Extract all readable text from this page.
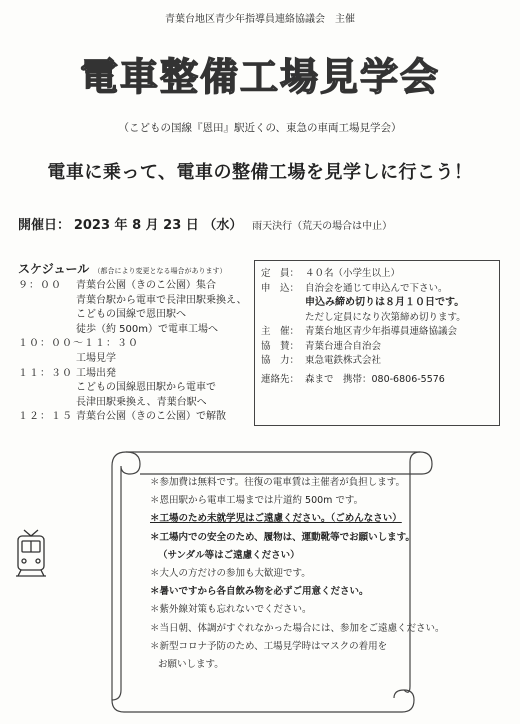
青葉台地区青少年指導員連絡協議会　主催
電車整備工場見学会
（こどもの国線『恩田』駅近くの、東急の車両工場見学会）
電車に乗って、電車の整備工場を見学しに行こう！
開催日： 2023 年 8 月 23 日 （水） 雨天決行（荒天の場合は中止）
スケジュール （都合により変更となる場合があります）
９：００	青葉台公園（きのこ公園）集合
青葉台駅から電車で長津田駅乗換え、
こどもの国線で恩田駅へ
徒歩（約 500m）で電車工場へ
１０：００～１１：３０
工場見学
１１：３０ 工場出発
こどもの国線恩田駅から電車で
長津田駅乗換え、青葉台駅へ
１２：１５ 青葉台公園（きのこ公園）で解散
定　員： ４０名（小学生以上）
申　込： 自治会を通じて申込んで下さい。
申込み締め切りは８月１０日です。
ただし定員になり次第締め切ります。
主　催： 青葉台地区青少年指導員連絡協議会
協　賛： 青葉台連合自治会
協　力： 東急電鉄株式会社
連絡先： 森まで　携帯：080-6806-5576
＊参加費は無料です。往復の電車賃は主催者が負担します。
＊恩田駅から電車工場までは片道約 500m です。
＊工場のため未就学児はご遠慮ください。（ごめんなさい）
＊工場内での安全のため、履物は、運動靴等でお願いします。
（サンダル等はご遠慮ください）
＊大人の方だけの参加も大歓迎です。
＊暑いですから各自飲み物を必ずご用意ください。
＊紫外線対策も忘れないでください。
＊当日朝、体調がすぐれなかった場合には、参加をご遠慮ください。
＊新型コロナ予防のため、工場見学時はマスクの着用を
お願いします。
